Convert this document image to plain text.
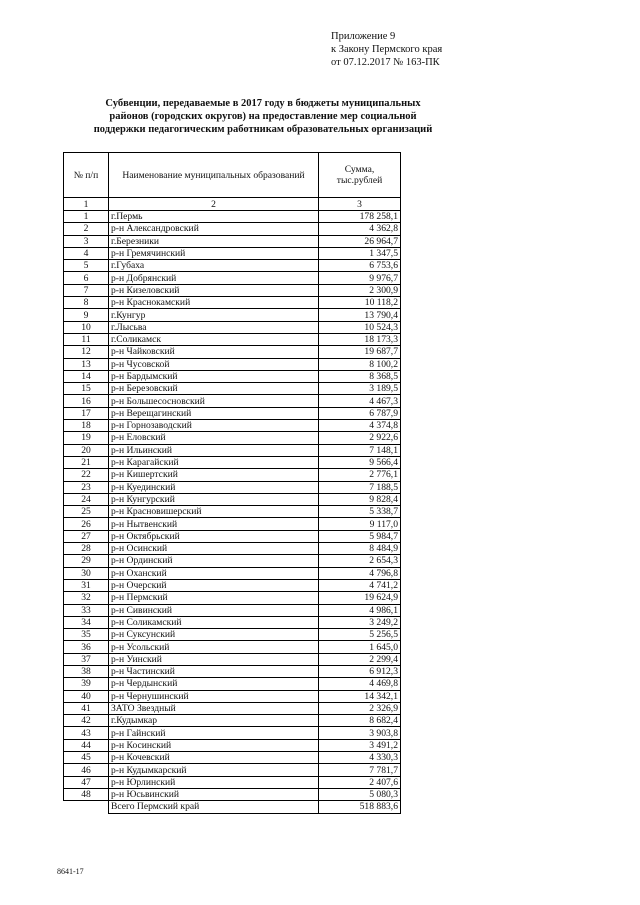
Приложение 9
к Закону Пермского края
от 07.12.2017 № 163-ПК
Субвенции, передаваемые в 2017 году в бюджеты муниципальных
районов (городских округов) на предоставление мер социальной
поддержки педагогическим работникам образовательных организаций
№ п/п	Наименование муниципальных образований	Сумма, тыс.рублей
1	2	3
1	г.Пермь	178 258,1
2	р-н Александровский	4 362,8
3	г.Березники	26 964,7
4	р-н Гремячинский	1 347,5
5	г.Губаха	6 753,6
6	р-н Добрянский	9 976,7
7	р-н Кизеловский	2 300,9
8	р-н Краснокамский	10 118,2
9	г.Кунгур	13 790,4
10	г.Лысьва	10 524,3
11	г.Соликамск	18 173,3
12	р-н Чайковский	19 687,7
13	р-н Чусовской	8 100,2
14	р-н Бардымский	8 368,5
15	р-н Березовский	3 189,5
16	р-н Большесосновский	4 467,3
17	р-н Верещагинский	6 787,9
18	р-н Горнозаводский	4 374,8
19	р-н Еловский	2 922,6
20	р-н Ильинский	7 148,1
21	р-н Карагайский	9 566,4
22	р-н Кишертский	2 776,1
23	р-н Куединский	7 188,5
24	р-н Кунгурский	9 828,4
25	р-н Красновишерский	5 338,7
26	р-н Нытвенский	9 117,0
27	р-н Октябрьский	5 984,7
28	р-н Осинский	8 484,9
29	р-н Ординский	2 654,3
30	р-н Оханский	4 796,8
31	р-н Очерский	4 741,2
32	р-н Пермский	19 624,9
33	р-н Сивинский	4 986,1
34	р-н Соликамский	3 249,2
35	р-н Суксунский	5 256,5
36	р-н Усольский	1 645,0
37	р-н Уинский	2 299,4
38	р-н Частинский	6 912,3
39	р-н Чердынский	4 469,8
40	р-н Чернушинский	14 342,1
41	ЗАТО Звездный	2 326,9
42	г.Кудымкар	8 682,4
43	р-н Гайнский	3 903,8
44	р-н Косинский	3 491,2
45	р-н Кочевский	4 330,3
46	р-н Кудымкарский	7 781,7
47	р-н Юрлинский	2 407,6
48	р-н Юсьвинский	5 080,3
	Всего Пермский край	518 883,6
8641-17
